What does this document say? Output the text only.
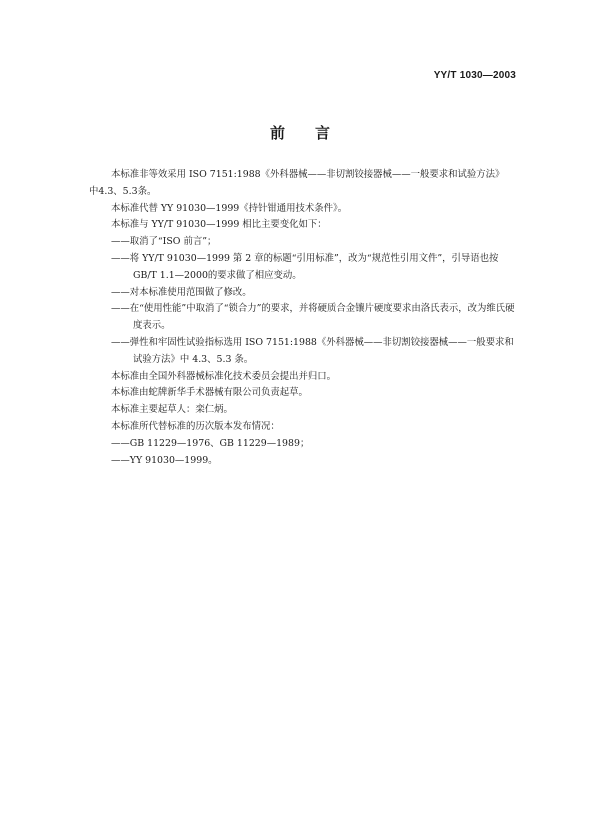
YY/T 1030—2003
前言

本标准非等效采用 ISO 7151:1988《外科器械——非切割铰接器械——一般要求和试验方法》

中4.3、5.3条。

本标准代替 YY 91030—1999《持针钳通用技术条件》。

本标准与 YY/T 91030—1999 相比主要变化如下：

——取消了“ISO 前言”；

——将 YY/T 91030—1999 第 2 章的标题“引用标准”，改为“规范性引用文件”，引导语也按
GB/T 1.1—2000的要求做了相应变动。

——对本标准使用范围做了修改。

——在“使用性能”中取消了“锁合力”的要求，并将硬质合金镶片硬度要求由洛氏表示，改为维氏硬
度表示。

——弹性和牢固性试验指标选用 ISO 7151:1988《外科器械——非切割铰接器械——一般要求和
试验方法》中 4.3、5.3 条。

本标准由全国外科器械标准化技术委员会提出并归口。

本标准由蛇牌新华手术器械有限公司负责起草。

本标准主要起草人：栾仁炳。

本标准所代替标准的历次版本发布情况：

——GB 11229—1976、GB 11229—1989；

——YY 91030—1999。
